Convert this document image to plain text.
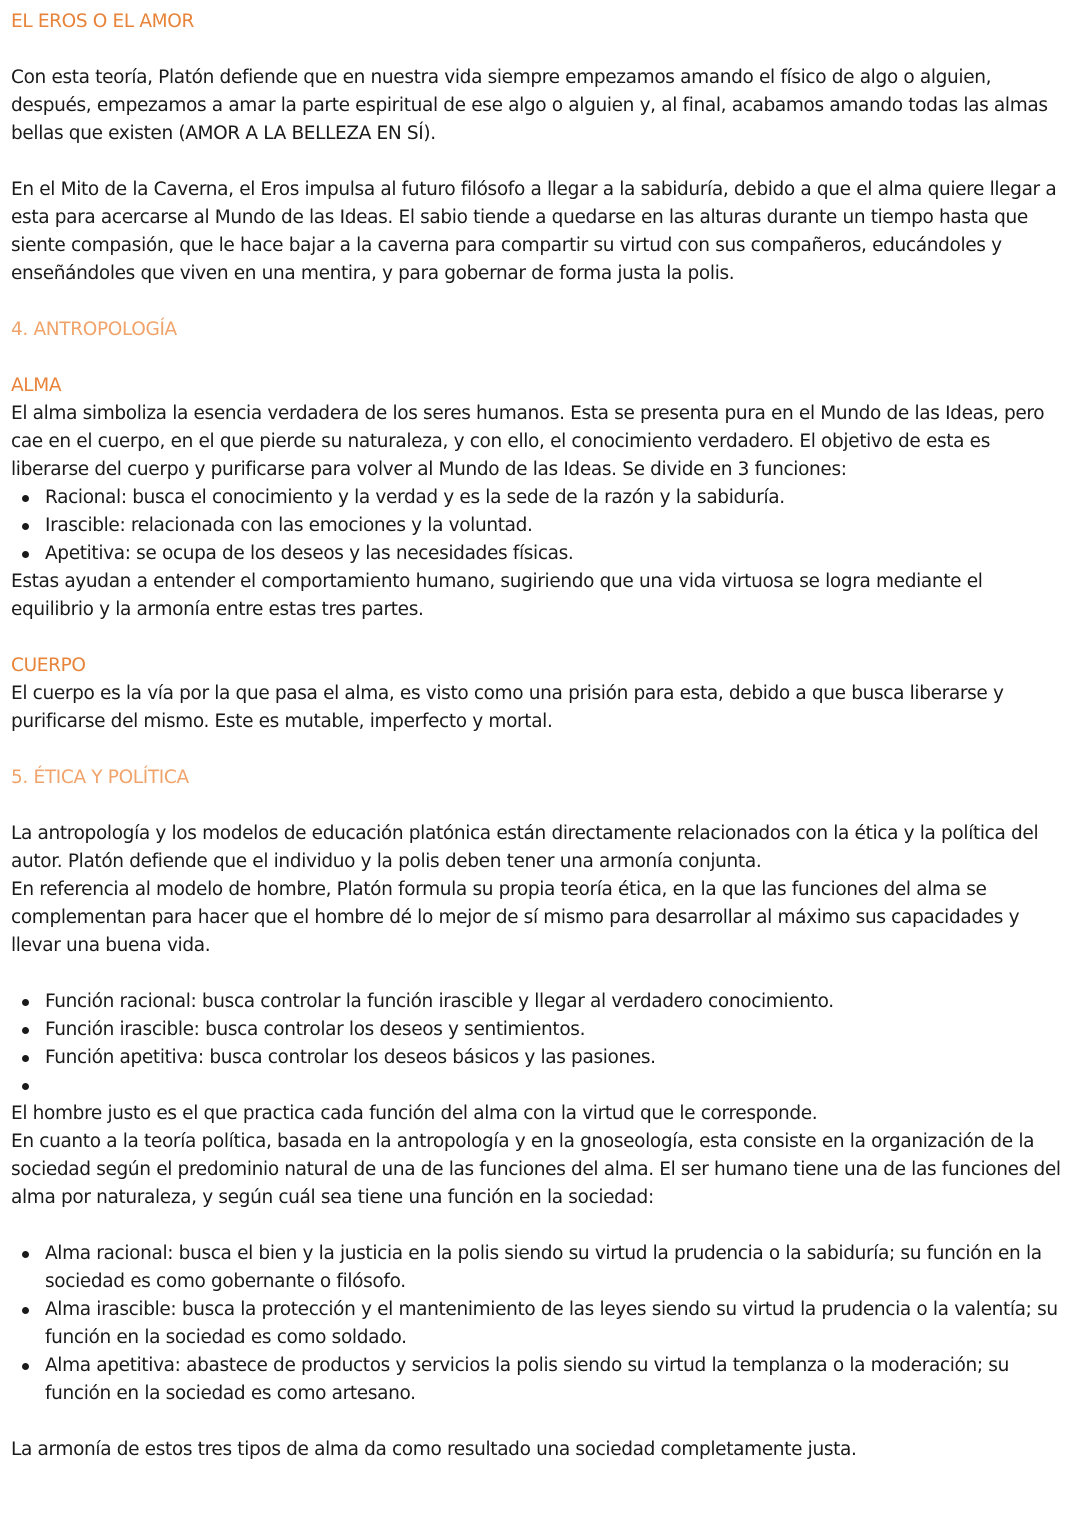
EL EROS O EL AMOR

Con esta teoría, Platón defiende que en nuestra vida siempre empezamos amando el físico de algo o alguien, después, empezamos a amar la parte espiritual de ese algo o alguien y, al final, acabamos amando todas las almas bellas que existen (AMOR A LA BELLEZA EN SÍ).

En el Mito de la Caverna, el Eros impulsa al futuro filósofo a llegar a la sabiduría, debido a que el alma quiere llegar a esta para acercarse al Mundo de las Ideas. El sabio tiende a quedarse en las alturas durante un tiempo hasta que siente compasión, que le hace bajar a la caverna para compartir su virtud con sus compañeros, educándoles y enseñándoles que viven en una mentira, y para gobernar de forma justa la polis.

4. ANTROPOLOGÍA
ALMA

El alma simboliza la esencia verdadera de los seres humanos. Esta se presenta pura en el Mundo de las Ideas, pero cae en el cuerpo, en el que pierde su naturaleza, y con ello, el conocimiento verdadero. El objetivo de esta es liberarse del cuerpo y purificarse para volver al Mundo de las Ideas. Se divide en 3 funciones:

Racional: busca el conocimiento y la verdad y es la sede de la razón y la sabiduría.
Irascible: relacionada con las emociones y la voluntad.
Apetitiva: se ocupa de los deseos y las necesidades físicas.

Estas ayudan a entender el comportamiento humano, sugiriendo que una vida virtuosa se logra mediante el equilibrio y la armonía entre estas tres partes.

CUERPO

El cuerpo es la vía por la que pasa el alma, es visto como una prisión para esta, debido a que busca liberarse y purificarse del mismo. Este es mutable, imperfecto y mortal.

5. ÉTICA Y POLÍTICA

La antropología y los modelos de educación platónica están directamente relacionados con la ética y la política del autor. Platón defiende que el individuo y la polis deben tener una armonía conjunta.

En referencia al modelo de hombre, Platón formula su propia teoría ética, en la que las funciones del alma se complementan para hacer que el hombre dé lo mejor de sí mismo para desarrollar al máximo sus capacidades y llevar una buena vida.

Función racional: busca controlar la función irascible y llegar al verdadero conocimiento.
Función irascible: busca controlar los deseos y sentimientos.
Función apetitiva: busca controlar los deseos básicos y las pasiones.

El hombre justo es el que practica cada función del alma con la virtud que le corresponde.

En cuanto a la teoría política, basada en la antropología y en la gnoseología, esta consiste en la organización de la sociedad según el predominio natural de una de las funciones del alma. El ser humano tiene una de las funciones del alma por naturaleza, y según cuál sea tiene una función en la sociedad:

Alma racional: busca el bien y la justicia en la polis siendo su virtud la prudencia o la sabiduría; su función en la sociedad es como gobernante o filósofo.
Alma irascible: busca la protección y el mantenimiento de las leyes siendo su virtud la prudencia o la valentía; su función en la sociedad es como soldado.
Alma apetitiva: abastece de productos y servicios la polis siendo su virtud la templanza o la moderación; su función en la sociedad es como artesano.

La armonía de estos tres tipos de alma da como resultado una sociedad completamente justa.
